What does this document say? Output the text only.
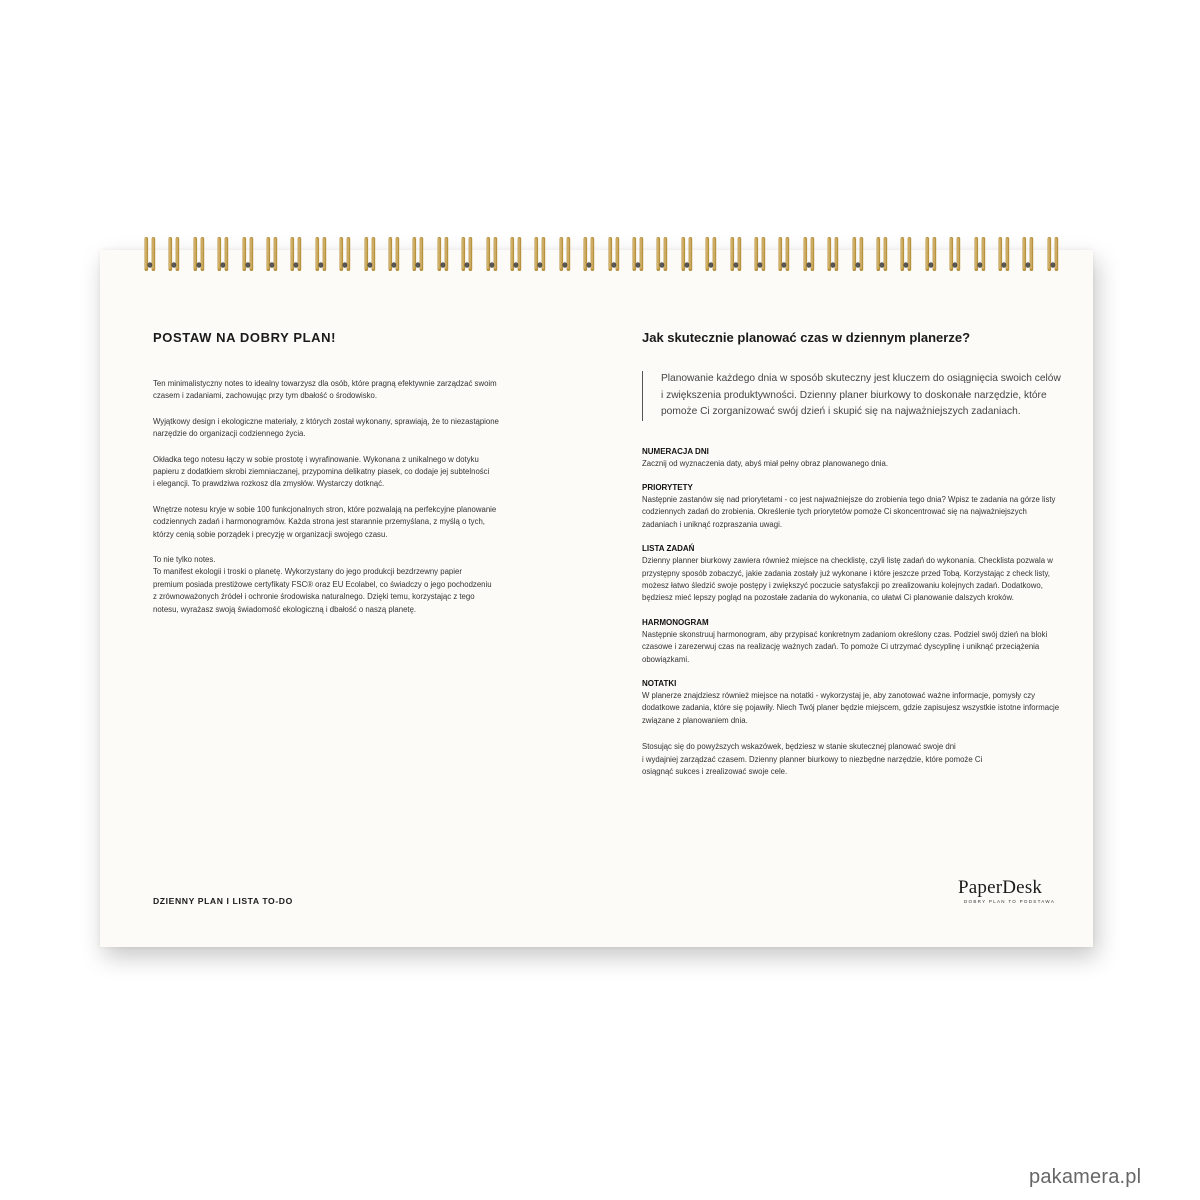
POSTAW NA DOBRY PLAN!

Ten minimalistyczny notes to idealny towarzysz dla osób, które pragną efektywnie zarządzać swoim
czasem i zadaniami, zachowując przy tym dbałość o środowisko.

Wyjątkowy design i ekologiczne materiały, z których został wykonany, sprawiają, że to niezastąpione
narzędzie do organizacji codziennego życia.

Okładka tego notesu łączy w sobie prostotę i wyrafinowanie. Wykonana z unikalnego w dotyku
papieru z dodatkiem skrobi ziemniaczanej, przypomina delikatny piasek, co dodaje jej subtelności
i elegancji. To prawdziwa rozkosz dla zmysłów. Wystarczy dotknąć.

Wnętrze notesu kryje w sobie 100 funkcjonalnych stron, które pozwalają na perfekcyjne planowanie
codziennych zadań i harmonogramów. Każda strona jest starannie przemyślana, z myślą o tych,
którzy cenią sobie porządek i precyzję w organizacji swojego czasu.

To nie tylko notes.
To manifest ekologii i troski o planetę. Wykorzystany do jego produkcji bezdrzewny papier
premium posiada prestiżowe certyfikaty FSC® oraz EU Ecolabel, co świadczy o jego pochodzeniu
z zrównoważonych źródeł i ochronie środowiska naturalnego. Dzięki temu, korzystając z tego
notesu, wyrażasz swoją świadomość ekologiczną i dbałość o naszą planetę.

Jak skutecznie planować czas w dziennym planerze?
Planowanie każdego dnia w sposób skuteczny jest kluczem do osiągnięcia swoich celów i zwiększenia produktywności. Dzienny planer biurkowy to doskonałe narzędzie, które pomoże Ci zorganizować swój dzień i skupić się na najważniejszych zadaniach.
NUMERACJA DNI
Zacznij od wyznaczenia daty, abyś miał pełny obraz planowanego dnia.
PRIORYTETY
Następnie zastanów się nad priorytetami - co jest najważniejsze do zrobienia tego dnia? Wpisz te zadania na górze listy codziennych zadań do zrobienia. Określenie tych priorytetów pomoże Ci skoncentrować się na najważniejszych zadaniach i uniknąć rozpraszania uwagi.
LISTA ZADAŃ
Dzienny planner biurkowy zawiera również miejsce na checklistę, czyli listę zadań do wykonania. Checklista pozwala w przystępny sposób zobaczyć, jakie zadania zostały już wykonane i które jeszcze przed Tobą. Korzystając z check listy, możesz łatwo śledzić swoje postępy i zwiększyć poczucie satysfakcji po zrealizowaniu kolejnych zadań. Dodatkowo, będziesz mieć lepszy pogląd na pozostałe zadania do wykonania, co ułatwi Ci planowanie dalszych kroków.
HARMONOGRAM
Następnie skonstruuj harmonogram, aby przypisać konkretnym zadaniom określony czas. Podziel swój dzień na bloki czasowe i zarezerwuj czas na realizację ważnych zadań. To pomoże Ci utrzymać dyscyplinę i uniknąć przeciążenia obowiązkami.
NOTATKI
W planerze znajdziesz również miejsce na notatki - wykorzystaj je, aby zanotować ważne informacje, pomysły czy dodatkowe zadania, które się pojawiły. Niech Twój planer będzie miejscem, gdzie zapisujesz wszystkie istotne informacje związane z planowaniem dnia.
Stosując się do powyższych wskazówek, będziesz w stanie skutecznej planować swoje dni
i wydajniej zarządzać czasem. Dzienny planner biurkowy to niezbędne narzędzie, które pomoże Ci
osiągnąć sukces i zrealizować swoje cele.
DZIENNY PLAN I LISTA TO-DO
PaperDesk
DOBRY PLAN TO PODSTAWA
pakamera.pl
